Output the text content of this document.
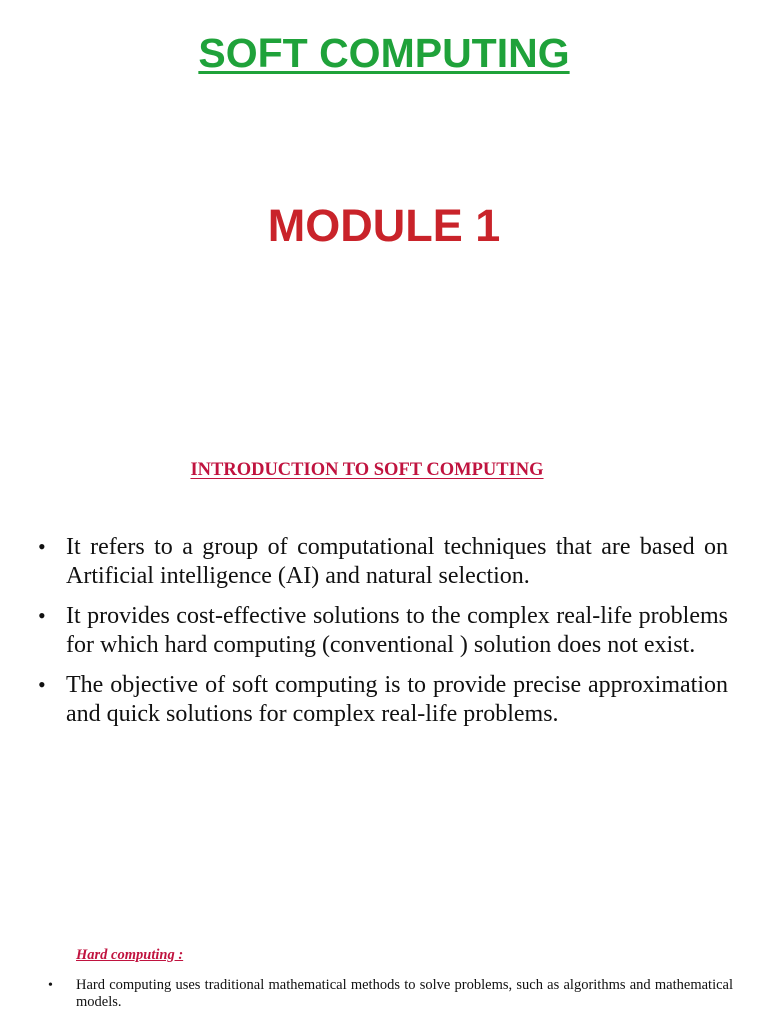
SOFT COMPUTING
MODULE 1
INTRODUCTION TO SOFT COMPUTING
• It refers to a group of computational techniques that are based on Artificial intelligence (AI) and natural selection.
• It provides cost-effective solutions to the complex real-life problems for which hard computing (conventional ) solution does not exist.
• The objective of soft computing is to provide precise approximation and quick solutions for complex real-life problems.

Hard computing :

• Hard computing uses traditional mathematical methods to solve problems, such as algorithms and mathematical models.
